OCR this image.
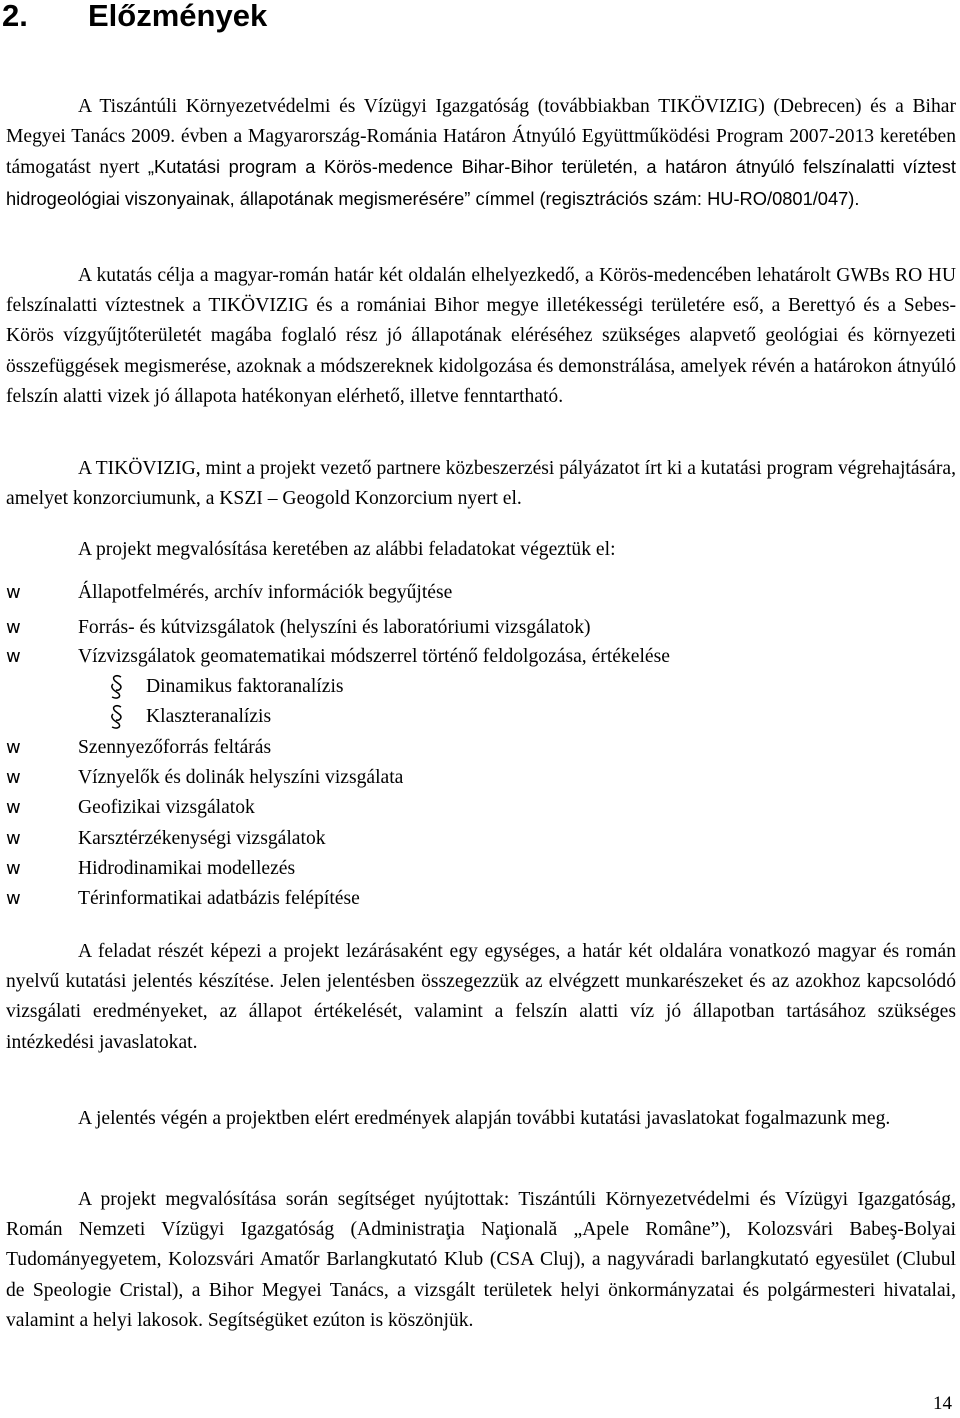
2. Előzmények

A Tiszántúli Környezetvédelmi és Vízügyi Igazgatóság (továbbiakban TIKÖVIZIG) (Debrecen) és a Bihar Megyei Tanács 2009. évben a Magyarország-Románia Határon Átnyúló Együttműködési Program 2007-2013 keretében támogatást nyert „Kutatási program a Körös-medence Bihar-Bihor területén, a határon átnyúló felszínalatti víztest hidrogeológiai viszonyainak, állapotának megismerésére” címmel (regisztrációs szám: HU-RO/0801/047).

A kutatás célja a magyar-román határ két oldalán elhelyezkedő, a Körös-medencében lehatárolt GWBs RO HU felszínalatti víztestnek a TIKÖVIZIG és a romániai Bihor megye illetékességi területére eső, a Berettyó és a Sebes-Körös vízgyűjtőterületét magába foglaló rész jó állapotának eléréséhez szükséges alapvető geológiai és környezeti összefüggések megismerése, azoknak a módszereknek kidolgozása és demonstrálása, amelyek révén a határokon átnyúló felszín alatti vizek jó állapota hatékonyan elérhető, illetve fenntartható.

A TIKÖVIZIG, mint a projekt vezető partnere közbeszerzési pályázatot írt ki a kutatási program végrehajtására, amelyet konzorciumunk, a KSZI – Geogold Konzorcium nyert el.

A projekt megvalósítása keretében az alábbi feladatokat végeztük el:

w	Állapotfelmérés, archív információk begyűjtése
w	Forrás- és kútvizsgálatok (helyszíni és laboratóriumi vizsgálatok)
w	Vízvizsgálatok geomatematikai módszerrel történő feldolgozása, értékelése
Dinamikus faktoranalízis
Klaszteranalízis
w	Szennyezőforrás feltárás
w	Víznyelők és dolinák helyszíni vizsgálata
w	Geofizikai vizsgálatok
w	Karsztérzékenységi vizsgálatok
w	Hidrodinamikai modellezés
w	Térinformatikai adatbázis felépítése

A feladat részét képezi a projekt lezárásaként egy egységes, a határ két oldalára vonatkozó magyar és román nyelvű kutatási jelentés készítése. Jelen jelentésben összegezzük az elvégzett munkarészeket és az azokhoz kapcsolódó vizsgálati eredményeket, az állapot értékelését, valamint a felszín alatti víz jó állapotban tartásához szükséges intézkedési javaslatokat.

A jelentés végén a projektben elért eredmények alapján további kutatási javaslatokat fogalmazunk meg.

A projekt megvalósítása során segítséget nyújtottak: Tiszántúli Környezetvédelmi és Vízügyi Igazgatóság, Román Nemzeti Vízügyi Igazgatóság (Administraţia Naţională „Apele Române”), Kolozsvári Babeş-Bolyai Tudományegyetem, Kolozsvári Amatőr Barlangkutató Klub (CSA Cluj), a nagyváradi barlangkutató egyesület (Clubul de Speologie Cristal), a Bihor Megyei Tanács, a vizsgált területek helyi önkormányzatai és polgármesteri hivatalai, valamint a helyi lakosok. Segítségüket ezúton is köszönjük.

14
